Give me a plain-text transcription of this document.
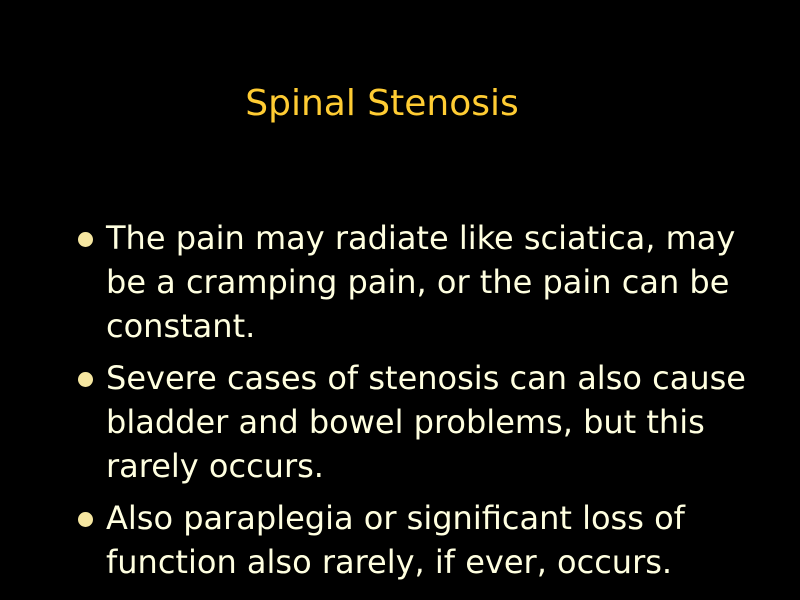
Spinal Stenosis
The pain may radiate like sciatica, may be a cramping pain, or the pain can be constant.
Severe cases of stenosis can also cause bladder and bowel problems, but this rarely occurs.
Also paraplegia or significant loss of function also rarely, if ever, occurs.
